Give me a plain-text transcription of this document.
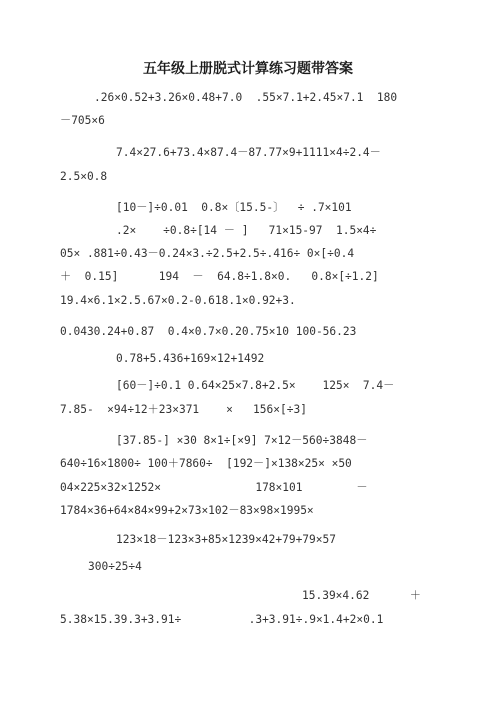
五年级上册脱式计算练习题带答案
.26×0.52+3.26×0.48+7.0  .55×7.1+2.45×7.1  180
－705×6
7.4×27.6+73.4×87.4－87.77×9+1111×4÷2.4－
2.5×0.8
[10－]÷0.01  0.8×〔15.5-〕  ÷ .7×101
.2×    ÷0.8÷[14 － ]   71×15-97  1.5×4÷
05× .881÷0.43－0.24×3.÷2.5+2.5÷.416÷ 0×[÷0.4
＋  0.15]      194  －  64.8÷1.8×0.   0.8×[÷1.2]
19.4×6.1×2.5.67×0.2-0.618.1×0.92+3.
0.0430.24+0.87  0.4×0.7×0.20.75×10 100-56.23
0.78+5.436+169×12+1492
[60－]÷0.1 0.64×25×7.8+2.5×    125×  7.4－
7.85-  ×94÷12＋23×371    ×   156×[÷3]
[37.85-] ×30 8×1÷[×9] 7×12－560÷3848－
640÷16×1800÷ 100＋7860÷  [192－]×138×25× ×50
04×225×32×1252×              178×101        －
1784×36+64×84×99+2×73×102－83×98×1995×
123×18－123×3+85×1239×42+79+79×57
300÷25÷4
15.39×4.62      ＋
5.38×15.39.3+3.91÷          .3+3.91÷.9×1.4+2×0.1
